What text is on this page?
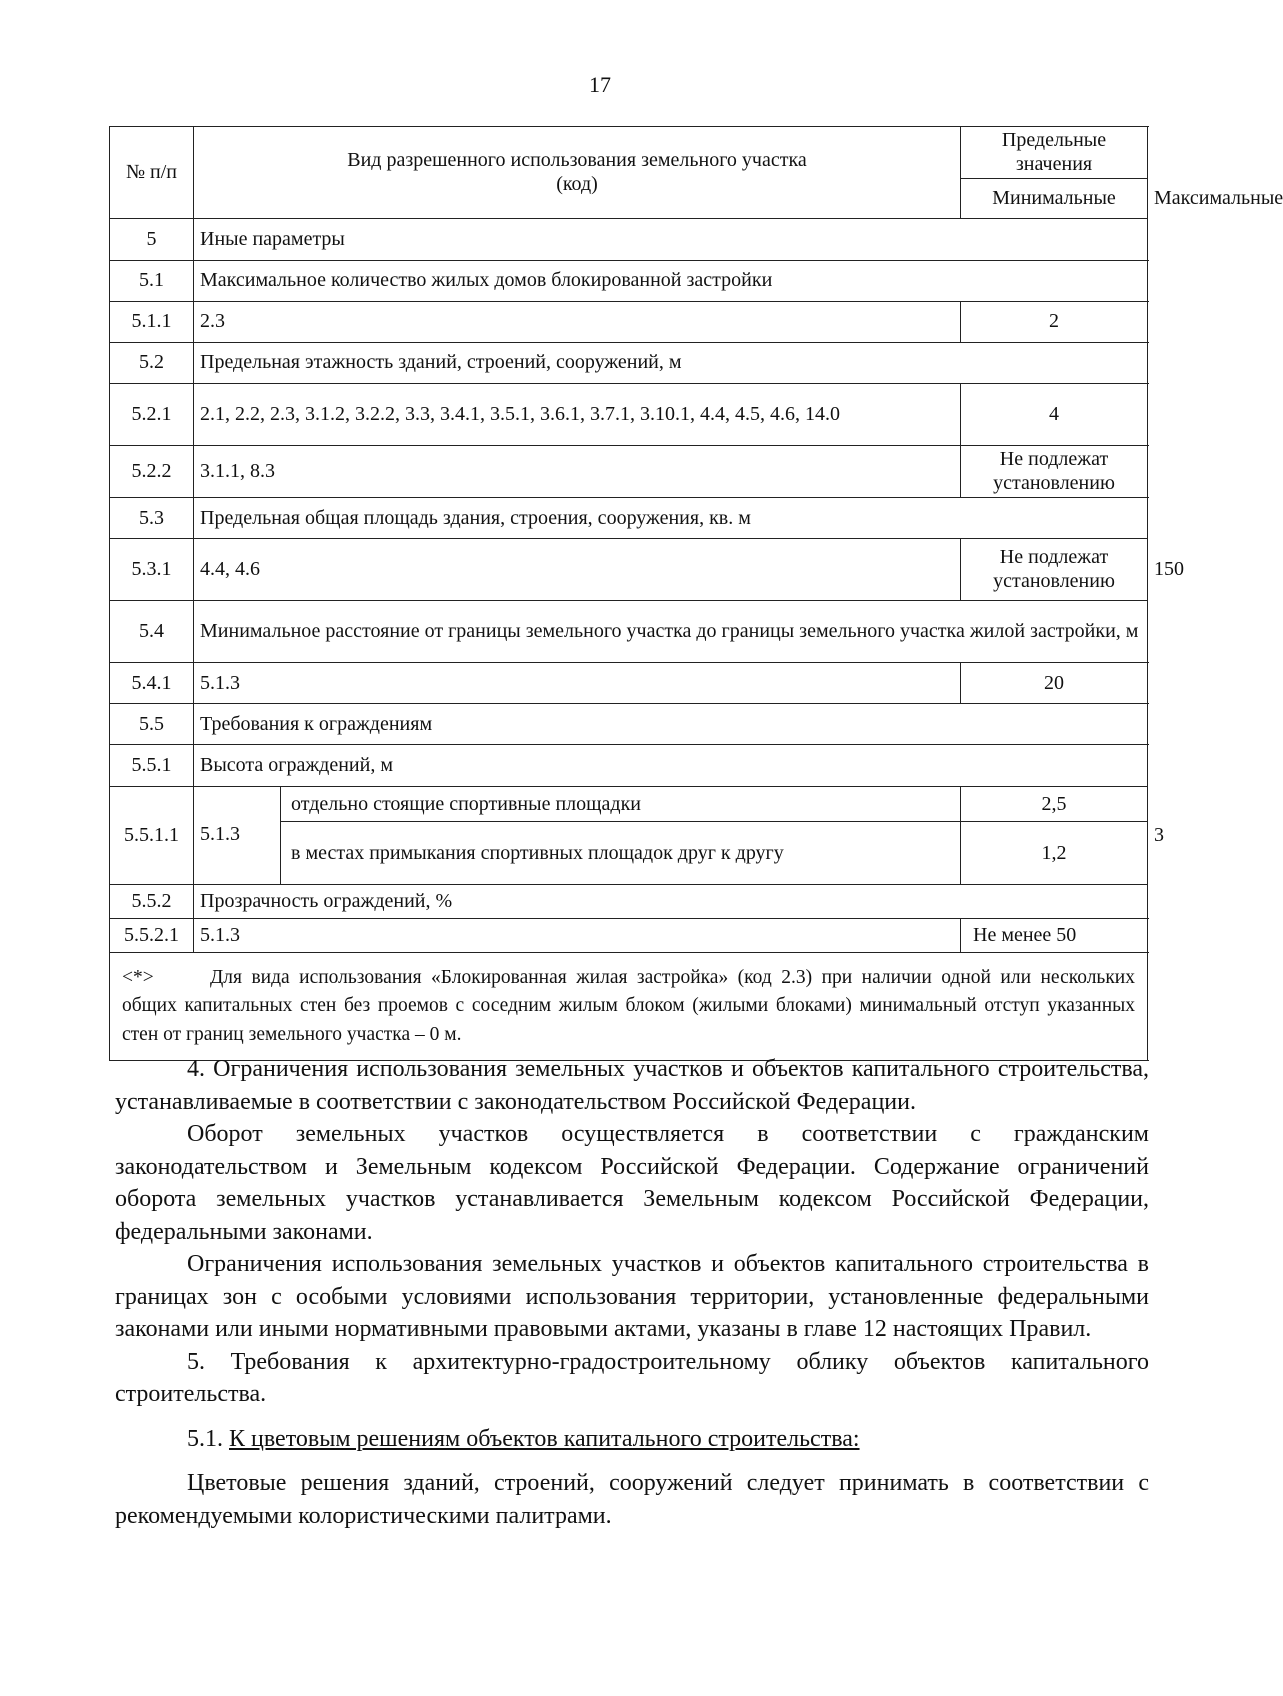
17
№ п/п	Вид разрешенного использования земельного участка (код)		Предельные значения	
			Минимальные	Максимальные
5	Иные параметры			
5.1	Максимальное количество жилых домов блокированной застройки			
5.1.1	2.3		2	
5.2	Предельная этажность зданий, строений, сооружений, м			
5.2.1	2.1, 2.2, 2.3, 3.1.2, 3.2.2, 3.3, 3.4.1, 3.5.1, 3.6.1, 3.7.1, 3.10.1, 4.4, 4.5, 4.6, 14.0		4	
5.2.2	3.1.1, 8.3		Не подлежат установлению	
5.3	Предельная общая площадь здания, строения, сооружения, кв. м			
5.3.1	4.4, 4.6		Не подлежат установлению	150
5.4	Минимальное расстояние от границы земельного участка до границы земельного участка жилой застройки, м			
5.4.1	5.1.3		20	
5.5	Требования к ограждениям			
5.5.1	Высота ограждений, м			
5.5.1.1	5.1.3	отдельно стоящие спортивные площадки	2,5	3
		в местах примыкания спортивных площадок друг к другу	1,2	
5.5.2	Прозрачность ограждений, %			
5.5.2.1	5.1.3		Не менее 50	
<*> Для вида использования «Блокированная жилая застройка» (код 2.3) при наличии одной или нескольких общих капитальных стен без проемов с соседним жилым блоком (жилыми блоками) минимальный отступ указанных стен от границ земельного участка – 0 м.				

4. Ограничения использования земельных участков и объектов капитального строительства, устанавливаемые в соответствии с законодательством Российской Федерации.

Оборот земельных участков осуществляется в соответствии с гражданским законодательством и Земельным кодексом Российской Федерации. Содержание ограничений оборота земельных участков устанавливается Земельным кодексом Российской Федерации, федеральными законами.

Ограничения использования земельных участков и объектов капитального строительства в границах зон с особыми условиями использования территории, установленные федеральными законами или иными нормативными правовыми актами, указаны в главе 12 настоящих Правил.

5. Требования к архитектурно-градостроительному облику объектов капитального строительства.

5.1. К цветовым решениям объектов капитального строительства:

Цветовые решения зданий, строений, сооружений следует принимать в соответствии с рекомендуемыми колористическими палитрами.
